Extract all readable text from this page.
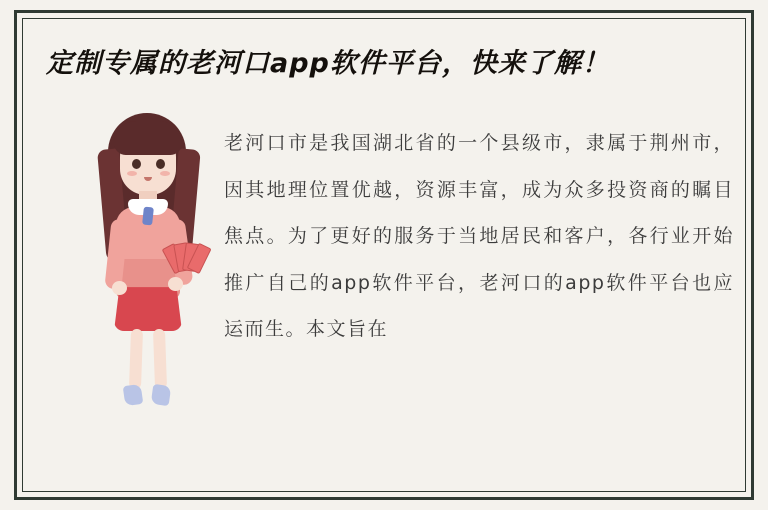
定制专属的老河口app软件平台，快来了解！

老河口市是我国湖北省的一个县级市，隶属于荆州市，因其地理位置优越，资源丰富，成为众多投资商的瞩目焦点。为了更好的服务于当地居民和客户，各行业开始推广自己的app软件平台，老河口的app软件平台也应运而生。本文旨在
